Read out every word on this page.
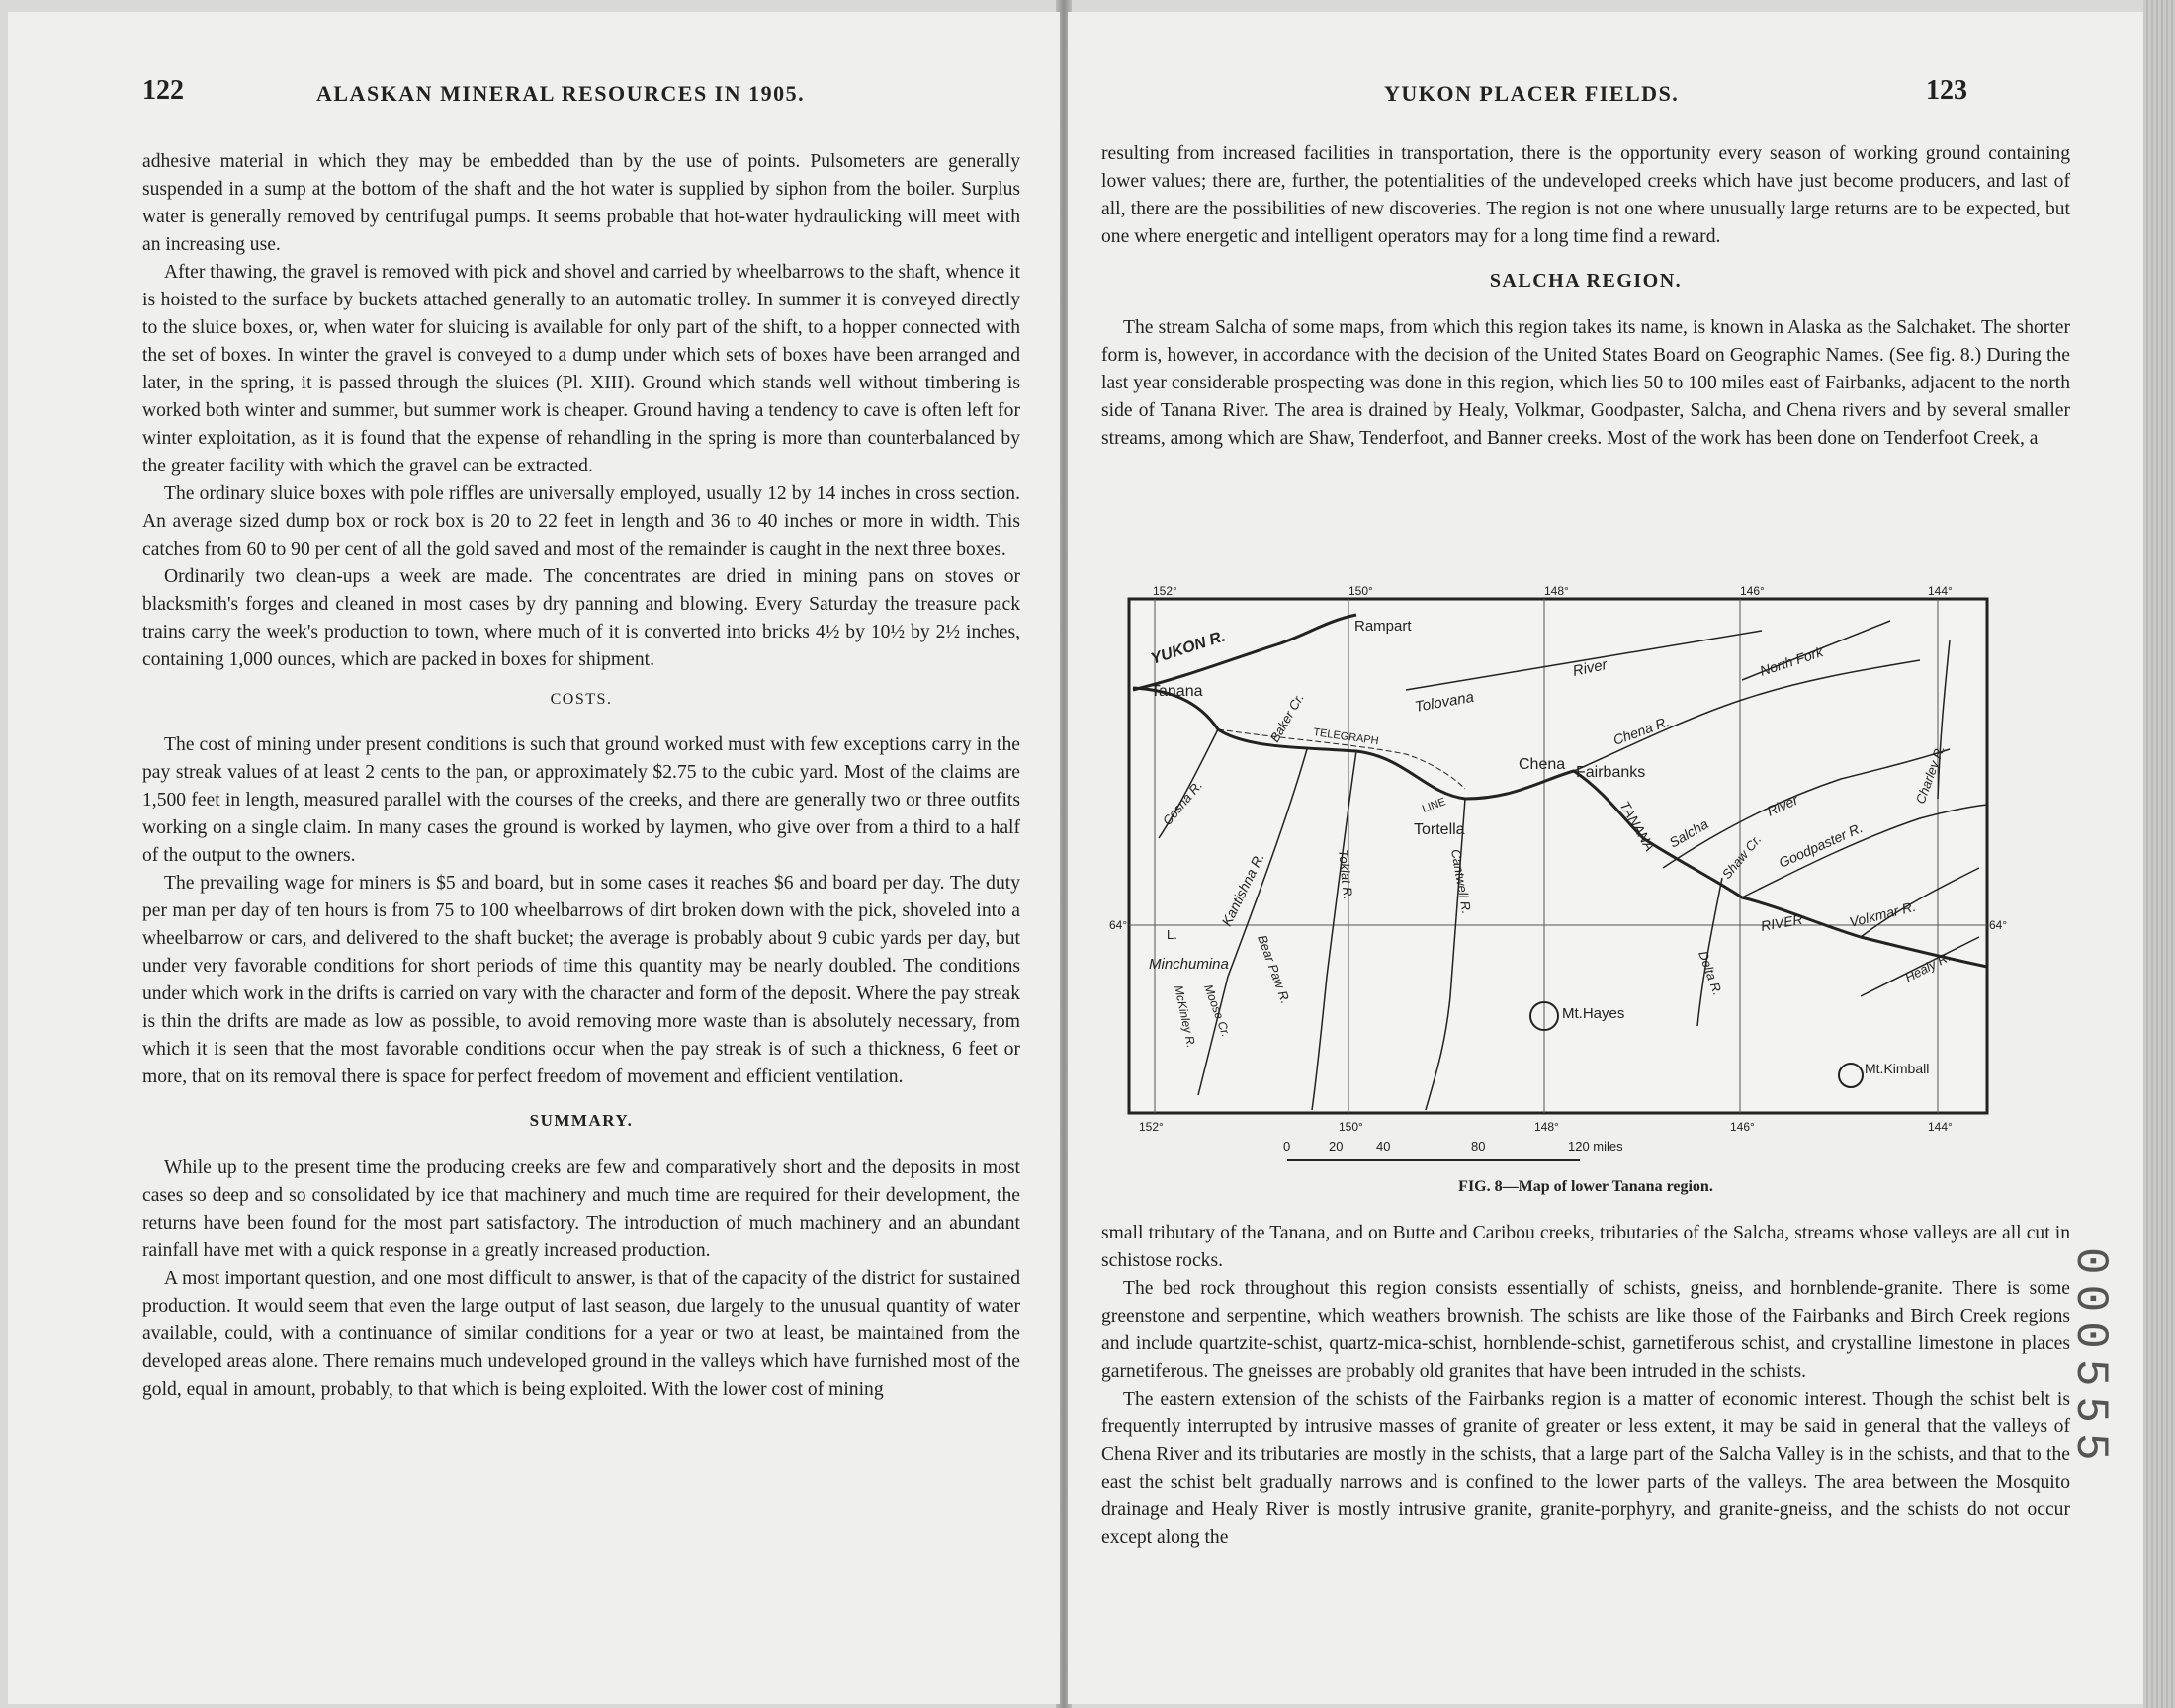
122	ALASKAN MINERAL RESOURCES IN 1905.

adhesive material in which they may be embedded than by the use of points. Pulsometers are generally suspended in a sump at the bottom of the shaft and the hot water is supplied by siphon from the boiler. Surplus water is generally removed by centrifugal pumps. It seems probable that hot-water hydraulicking will meet with an increasing use.

After thawing, the gravel is removed with pick and shovel and carried by wheelbarrows to the shaft, whence it is hoisted to the surface by buckets attached generally to an automatic trolley. In summer it is conveyed directly to the sluice boxes, or, when water for sluicing is available for only part of the shift, to a hopper connected with the set of boxes. In winter the gravel is conveyed to a dump under which sets of boxes have been arranged and later, in the spring, it is passed through the sluices (Pl. XIII). Ground which stands well without timbering is worked both winter and summer, but summer work is cheaper. Ground having a tendency to cave is often left for winter exploitation, as it is found that the expense of rehandling in the spring is more than counterbalanced by the greater facility with which the gravel can be extracted.

The ordinary sluice boxes with pole riffles are universally employed, usually 12 by 14 inches in cross section. An average sized dump box or rock box is 20 to 22 feet in length and 36 to 40 inches or more in width. This catches from 60 to 90 per cent of all the gold saved and most of the remainder is caught in the next three boxes.

Ordinarily two clean-ups a week are made. The concentrates are dried in mining pans on stoves or blacksmith's forges and cleaned in most cases by dry panning and blowing. Every Saturday the treasure pack trains carry the week's production to town, where much of it is converted into bricks 4½ by 10½ by 2½ inches, containing 1,000 ounces, which are packed in boxes for shipment.

COSTS.

The cost of mining under present conditions is such that ground worked must with few exceptions carry in the pay streak values of at least 2 cents to the pan, or approximately $2.75 to the cubic yard. Most of the claims are 1,500 feet in length, measured parallel with the courses of the creeks, and there are generally two or three outfits working on a single claim. In many cases the ground is worked by laymen, who give over from a third to a half of the output to the owners.

The prevailing wage for miners is $5 and board, but in some cases it reaches $6 and board per day. The duty per man per day of ten hours is from 75 to 100 wheelbarrows of dirt broken down with the pick, shoveled into a wheelbarrow or cars, and delivered to the shaft bucket; the average is probably about 9 cubic yards per day, but under very favorable conditions for short periods of time this quantity may be nearly doubled. The conditions under which work in the drifts is carried on vary with the character and form of the deposit. Where the pay streak is thin the drifts are made as low as possible, to avoid removing more waste than is absolutely necessary, from which it is seen that the most favorable conditions occur when the pay streak is of such a thickness, 6 feet or more, that on its removal there is space for perfect freedom of movement and efficient ventilation.

SUMMARY.

While up to the present time the producing creeks are few and comparatively short and the deposits in most cases so deep and so consolidated by ice that machinery and much time are required for their development, the returns have been found for the most part satisfactory. The introduction of much machinery and an abundant rainfall have met with a quick response in a greatly increased production.

A most important question, and one most difficult to answer, is that of the capacity of the district for sustained production. It would seem that even the large output of last season, due largely to the unusual quantity of water available, could, with a continuance of similar conditions for a year or two at least, be maintained from the developed areas alone. There remains much undeveloped ground in the valleys which have furnished most of the gold, equal in amount, probably, to that which is being exploited. With the lower cost of mining

YUKON PLACER FIELDS.	123

resulting from increased facilities in transportation, there is the opportunity every season of working ground containing lower values; there are, further, the potentialities of the undeveloped creeks which have just become producers, and last of all, there are the possibilities of new discoveries. The region is not one where unusually large returns are to be expected, but one where energetic and intelligent operators may for a long time find a reward.

SALCHA REGION.

The stream Salcha of some maps, from which this region takes its name, is known in Alaska as the Salchaket. The shorter form is, however, in accordance with the decision of the United States Board on Geographic Names. (See fig. 8.) During the last year considerable prospecting was done in this region, which lies 50 to 100 miles east of Fairbanks, adjacent to the north side of Tanana River. The area is drained by Healy, Volkmar, Goodpaster, Salcha, and Chena rivers and by several smaller streams, among which are Shaw, Tenderfoot, and Banner creeks. Most of the work has been done on Tenderfoot Creek, a

152°	150°	148°	146°	144°
152°	150°	148°	146°	144°
64°	64°
Rampart
Tanana
Chena Fairbanks
Tortella
Minchumina
Mt.Hayes
Mt.Kimball
L.
YUKON R.
Tolovana
River	North Fork
Chena R.
Charley R.
Salcha
River
Goodpaster R.
Shaw Cr.
Volkmar R.
Healy R.
Delta R.
RIVER
TANANA
Cantwell R.
Toklat R.
Kantishna R.
Cosna R.
Baker Cr.
Bear Paw R.
Moose Cr.
McKinley R.
TELEGRAPH
LINE
0	20	40	80	120 miles
FIG. 8—Map of lower Tanana region.

small tributary of the Tanana, and on Butte and Caribou creeks, tributaries of the Salcha, streams whose valleys are all cut in schistose rocks.

The bed rock throughout this region consists essentially of schists, gneiss, and hornblende-granite. There is some greenstone and serpentine, which weathers brownish. The schists are like those of the Fairbanks and Birch Creek regions and include quartzite-schist, quartz-mica-schist, hornblende-schist, garnetiferous schist, and crystalline limestone in places garnetiferous. The gneisses are probably old granites that have been intruded in the schists.

The eastern extension of the schists of the Fairbanks region is a matter of economic interest. Though the schist belt is frequently interrupted by intrusive masses of granite of greater or less extent, it may be said in general that the valleys of Chena River and its tributaries are mostly in the schists, that a large part of the Salcha Valley is in the schists, and that to the east the schist belt gradually narrows and is confined to the lower parts of the valleys. The area between the Mosquito drainage and Healy River is mostly intrusive granite, granite-porphyry, and granite-gneiss, and the schists do not occur except along the

000555
